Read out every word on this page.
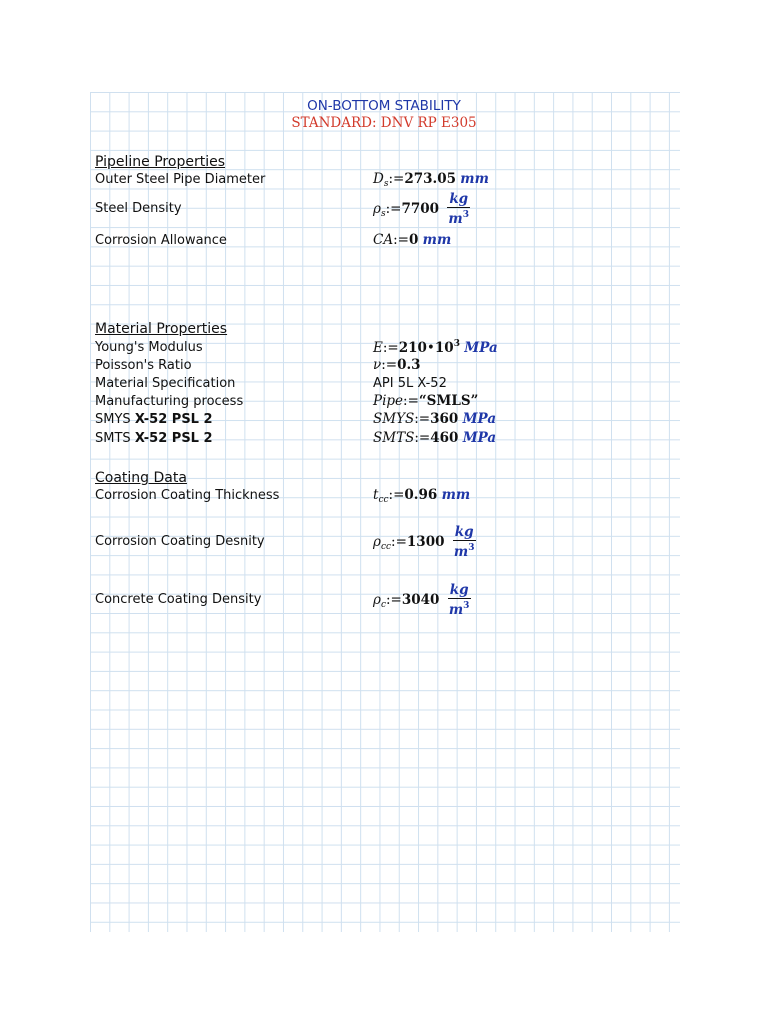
ON-BOTTOM STABILITY
STANDARD: DNV RP E305
Pipeline Properties
Outer Steel Pipe Diameter	$D_s:=273.05$ mm
Steel Density	$\rho_s:=7700 \frac{kg}{m^3}$
Corrosion Allowance	CA:=0 mm
Material Properties
Young's Modulus	$E:=210•10^3$ MPa
Poisson's Ratio	ν:=0.3
Material Specification	API 5L X-52
Manufacturing process	Pipe:=“SMLS”
SMYS X-52 PSL 2	SMYS:=360 MPa
SMTS X-52 PSL 2	SMTS:=460 MPa
Coating Data
Corrosion Coating Thickness	$t_{cc}:=0.96$ mm
Corrosion Coating Desnity	$\rho_{cc}:=1300 \frac{kg}{m^3}$
Concrete Coating Density	$\rho_c:=3040 \frac{kg}{m^3}$
